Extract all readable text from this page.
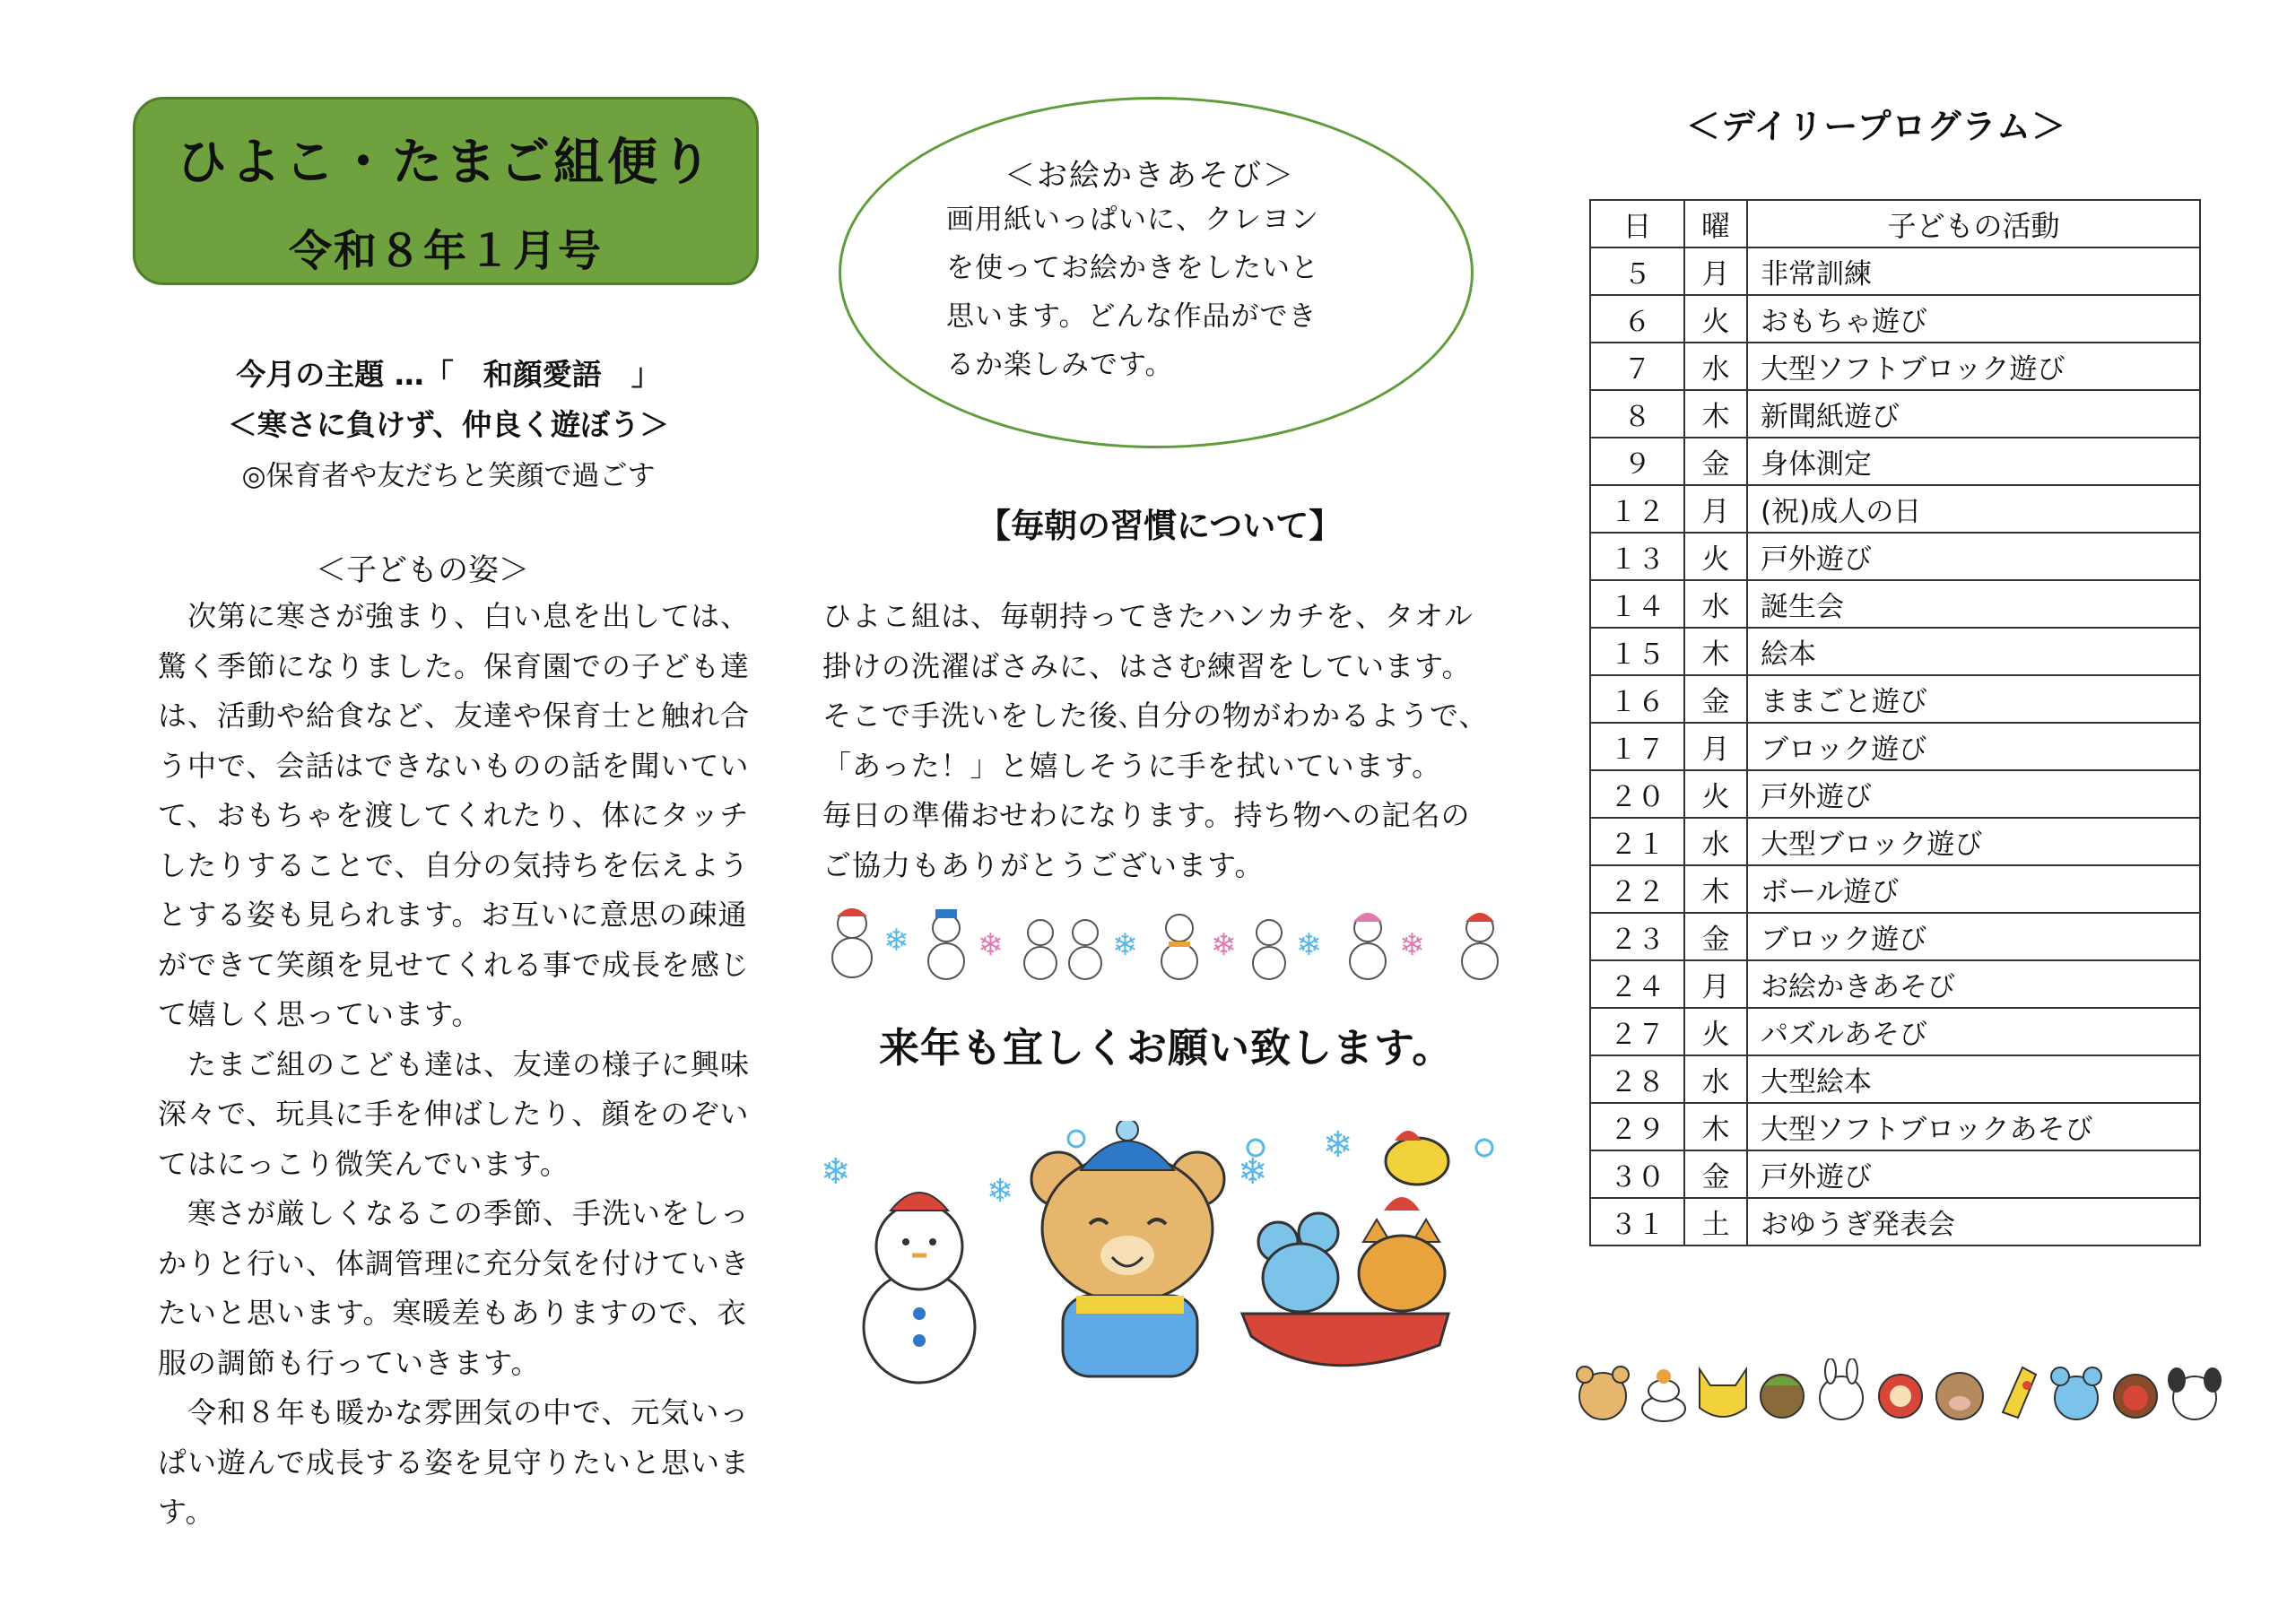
ひよこ・たまご組便り
令和８年１月号
今月の主題 …「　和顔愛語　」
＜寒さに負けず、仲良く遊ぼう＞
◎保育者や友だちと笑顔で過ごす
＜子どもの姿＞

　次第に寒さが強まり、白い息を出しては、

驚く季節になりました。保育園での子ども達

は、活動や給食など、友達や保育士と触れ合

う中で、会話はできないものの話を聞いてい

て、おもちゃを渡してくれたり、体にタッチ

したりすることで、自分の気持ちを伝えよう

とする姿も見られます。お互いに意思の疎通

ができて笑顔を見せてくれる事で成長を感じ

て嬉しく思っています。

　たまご組のこども達は、友達の様子に興味

深々で、玩具に手を伸ばしたり、顔をのぞい

てはにっこり微笑んでいます。

　寒さが厳しくなるこの季節、手洗いをしっ

かりと行い、体調管理に充分気を付けていき

たいと思います。寒暖差もありますので、衣

服の調節も行っていきます。

　令和８年も暖かな雰囲気の中で、元気いっ

ぱい遊んで成長する姿を見守りたいと思いま

す。

＜お絵かきあそび＞

画用紙いっぱいに、クレヨン

を使ってお絵かきをしたいと

思います。どんな作品ができ

るか楽しみです。

【毎朝の習慣について】

ひよこ組は、毎朝持ってきたハンカチを、タオル

掛けの洗濯ばさみに、はさむ練習をしています。

そこで手洗いをした後､自分の物がわかるようで、

「あった！」と嬉しそうに手を拭いています。

毎日の準備おせわになります。持ち物への記名の

ご協力もありがとうございます。

❄ ❄	❄ ❄ ❄	❄
来年も宜しくお願い致します。
❄	❄	❄
❄
＜デイリープログラム＞
日	曜	子どもの活動
５	月	非常訓練
６	火	おもちゃ遊び
７	水	大型ソフトブロック遊び
８	木	新聞紙遊び
９	金	身体測定
１２	月	(祝)成人の日
１３	火	戸外遊び
１４	水	誕生会
１５	木	絵本
１６	金	ままごと遊び
１７	月	ブロック遊び
２０	火	戸外遊び
２１	水	大型ブロック遊び
２２	木	ボール遊び
２３	金	ブロック遊び
２４	月	お絵かきあそび
２７	火	パズルあそび
２８	水	大型絵本
２９	木	大型ソフトブロックあそび
３０	金	戸外遊び
３１	土	おゆうぎ発表会
